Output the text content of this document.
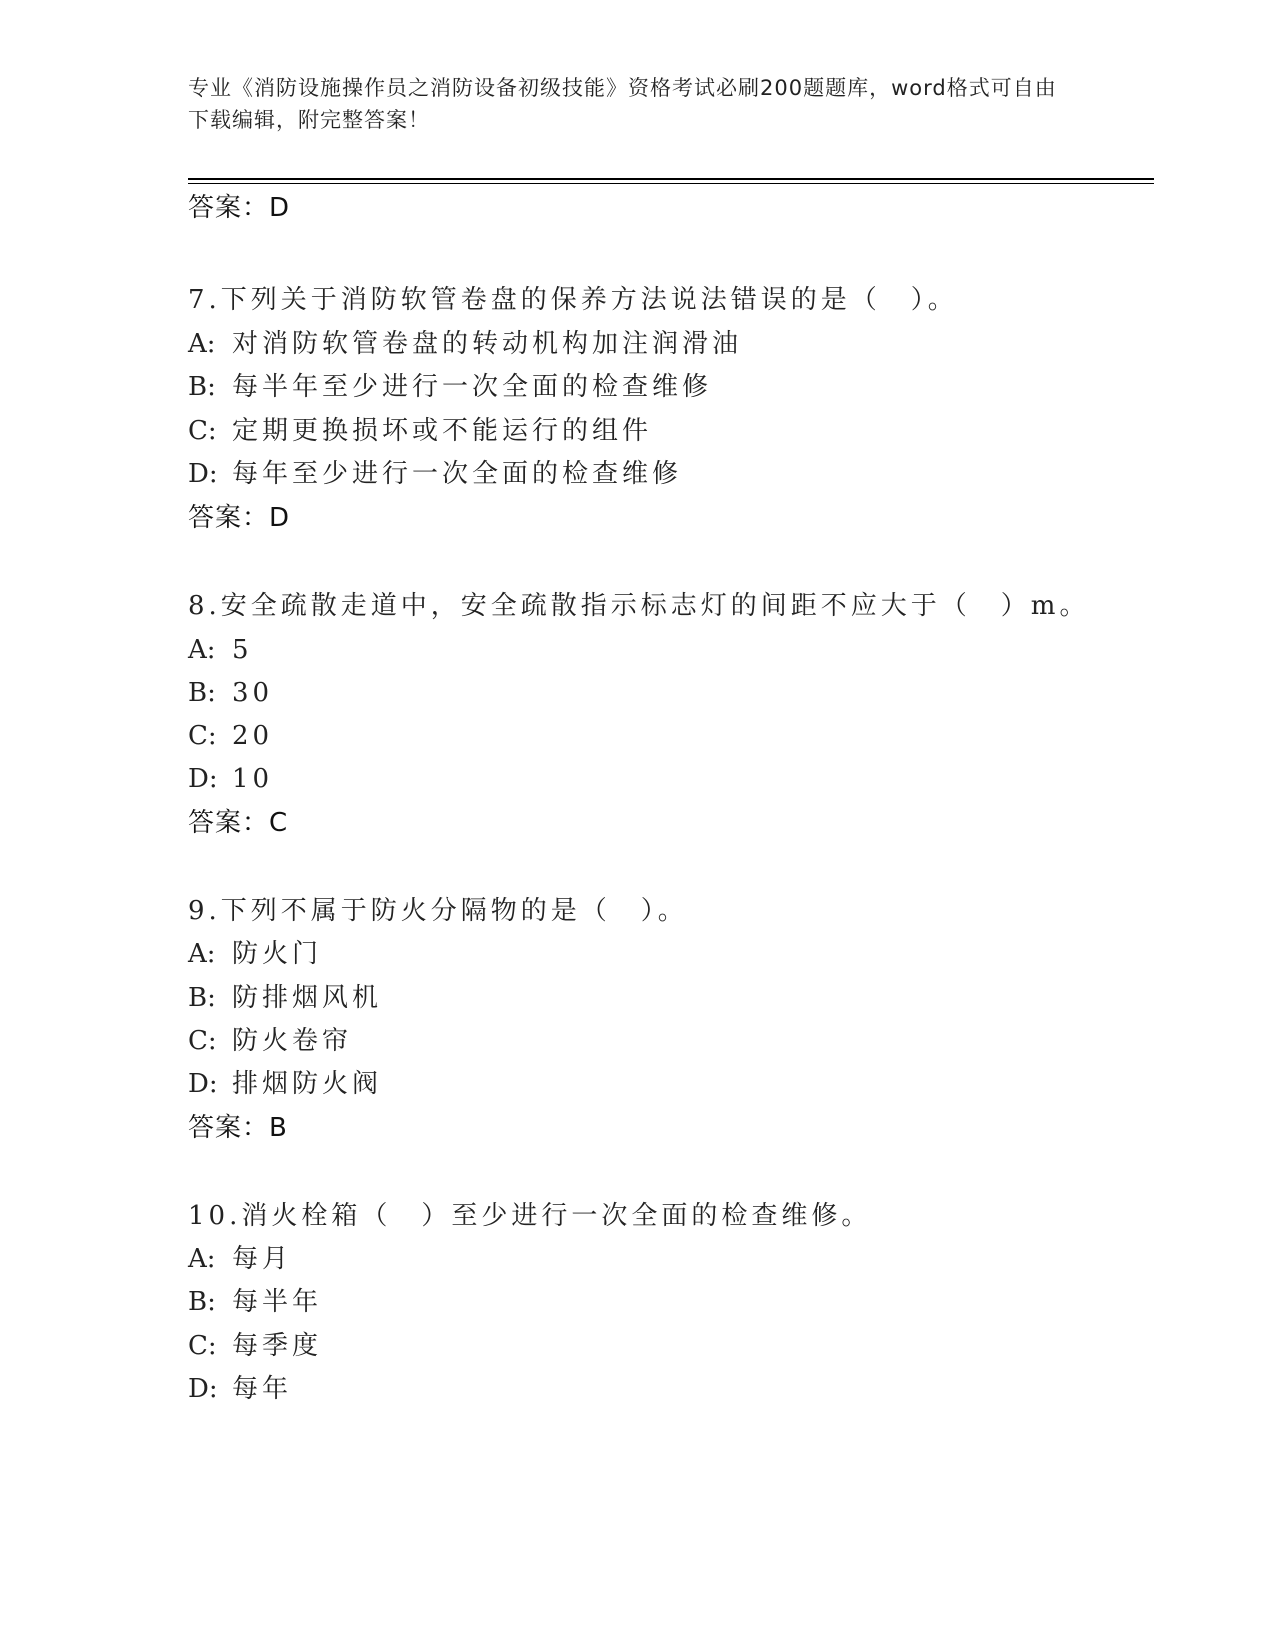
专业《消防设施操作员之消防设备初级技能》资格考试必刷200题题库，word格式可自由下载编辑，附完整答案！
答案：D
7.下列关于消防软管卷盘的保养方法说法错误的是（　）。
A: 对消防软管卷盘的转动机构加注润滑油
B: 每半年至少进行一次全面的检查维修
C: 定期更换损坏或不能运行的组件
D: 每年至少进行一次全面的检查维修
答案：D
8.安全疏散走道中，安全疏散指示标志灯的间距不应大于（　）m。
A: 5
B: 30
C: 20
D: 10
答案：C
9.下列不属于防火分隔物的是（　）。
A: 防火门
B: 防排烟风机
C: 防火卷帘
D: 排烟防火阀
答案：B
10.消火栓箱（　）至少进行一次全面的检查维修。
A: 每月
B: 每半年
C: 每季度
D: 每年
